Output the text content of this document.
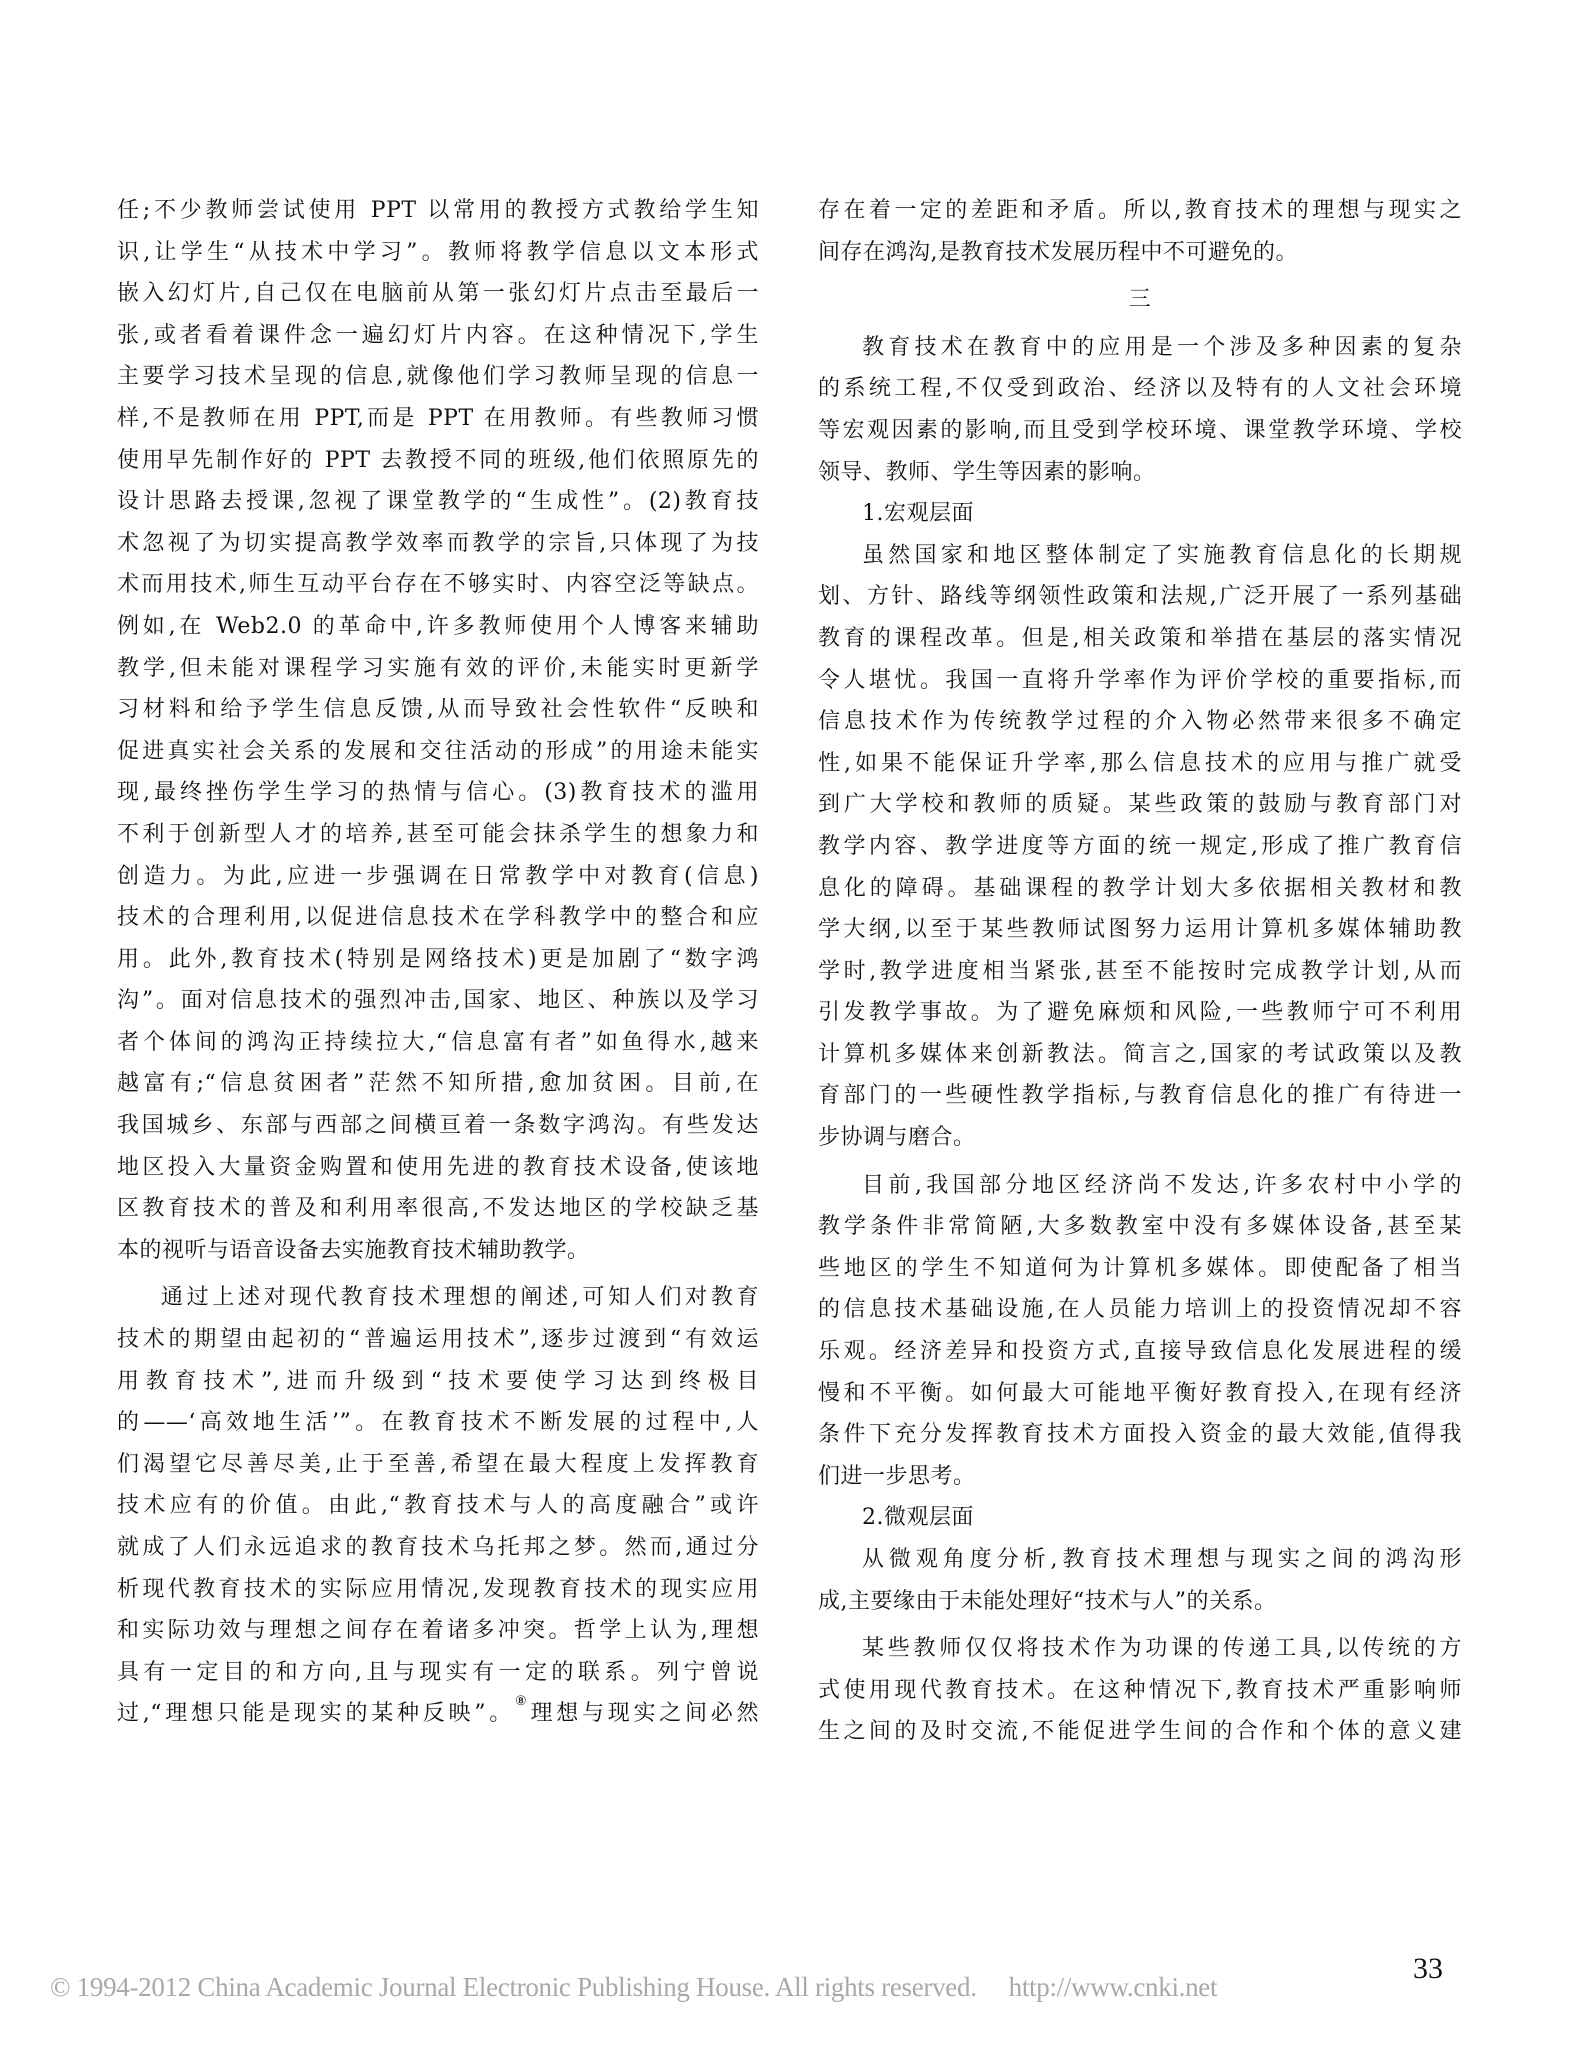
任;不少教师尝试使用 PPT 以常用的教授方式教给学生知
识,让学生“从技术中学习”。教师将教学信息以文本形式
嵌入幻灯片,自己仅在电脑前从第一张幻灯片点击至最后一
张,或者看着课件念一遍幻灯片内容。在这种情况下,学生
主要学习技术呈现的信息,就像他们学习教师呈现的信息一
样,不是教师在用 PPT,而是 PPT 在用教师。有些教师习惯
使用早先制作好的 PPT 去教授不同的班级,他们依照原先的
设计思路去授课,忽视了课堂教学的“生成性”。(2)教育技
术忽视了为切实提高教学效率而教学的宗旨,只体现了为技
术而用技术,师生互动平台存在不够实时、内容空泛等缺点。
例如,在 Web2.0 的革命中,许多教师使用个人博客来辅助
教学,但未能对课程学习实施有效的评价,未能实时更新学
习材料和给予学生信息反馈,从而导致社会性软件“反映和
促进真实社会关系的发展和交往活动的形成”的用途未能实
现,最终挫伤学生学习的热情与信心。(3)教育技术的滥用
不利于创新型人才的培养,甚至可能会抹杀学生的想象力和
创造力。为此,应进一步强调在日常教学中对教育(信息)
技术的合理利用,以促进信息技术在学科教学中的整合和应
用。此外,教育技术(特别是网络技术)更是加剧了“数字鸿
沟”。面对信息技术的强烈冲击,国家、地区、种族以及学习
者个体间的鸿沟正持续拉大,“信息富有者”如鱼得水,越来
越富有;“信息贫困者”茫然不知所措,愈加贫困。目前,在
我国城乡、东部与西部之间横亘着一条数字鸿沟。有些发达
地区投入大量资金购置和使用先进的教育技术设备,使该地
区教育技术的普及和利用率很高,不发达地区的学校缺乏基
本的视听与语音设备去实施教育技术辅助教学。
通过上述对现代教育技术理想的阐述,可知人们对教育
技术的期望由起初的“普遍运用技术”,逐步过渡到“有效运
用教育技术”,进而升级到“技术要使学习达到终极目
的——‘高效地生活’”。在教育技术不断发展的过程中,人
们渴望它尽善尽美,止于至善,希望在最大程度上发挥教育
技术应有的价值。由此,“教育技术与人的高度融合”或许
就成了人们永远追求的教育技术乌托邦之梦。然而,通过分
析现代教育技术的实际应用情况,发现教育技术的现实应用
和实际功效与理想之间存在着诸多冲突。哲学上认为,理想
具有一定目的和方向,且与现实有一定的联系。列宁曾说
过,“理想只能是现实的某种反映”。⑧理想与现实之间必然
存在着一定的差距和矛盾。所以,教育技术的理想与现实之
间存在鸿沟,是教育技术发展历程中不可避免的。
三
教育技术在教育中的应用是一个涉及多种因素的复杂
的系统工程,不仅受到政治、经济以及特有的人文社会环境
等宏观因素的影响,而且受到学校环境、课堂教学环境、学校
领导、教师、学生等因素的影响。
1.宏观层面
虽然国家和地区整体制定了实施教育信息化的长期规
划、方针、路线等纲领性政策和法规,广泛开展了一系列基础
教育的课程改革。但是,相关政策和举措在基层的落实情况
令人堪忧。我国一直将升学率作为评价学校的重要指标,而
信息技术作为传统教学过程的介入物必然带来很多不确定
性,如果不能保证升学率,那么信息技术的应用与推广就受
到广大学校和教师的质疑。某些政策的鼓励与教育部门对
教学内容、教学进度等方面的统一规定,形成了推广教育信
息化的障碍。基础课程的教学计划大多依据相关教材和教
学大纲,以至于某些教师试图努力运用计算机多媒体辅助教
学时,教学进度相当紧张,甚至不能按时完成教学计划,从而
引发教学事故。为了避免麻烦和风险,一些教师宁可不利用
计算机多媒体来创新教法。简言之,国家的考试政策以及教
育部门的一些硬性教学指标,与教育信息化的推广有待进一
步协调与磨合。
目前,我国部分地区经济尚不发达,许多农村中小学的
教学条件非常简陋,大多数教室中没有多媒体设备,甚至某
些地区的学生不知道何为计算机多媒体。即使配备了相当
的信息技术基础设施,在人员能力培训上的投资情况却不容
乐观。经济差异和投资方式,直接导致信息化发展进程的缓
慢和不平衡。如何最大可能地平衡好教育投入,在现有经济
条件下充分发挥教育技术方面投入资金的最大效能,值得我
们进一步思考。
2.微观层面
从微观角度分析,教育技术理想与现实之间的鸿沟形
成,主要缘由于未能处理好“技术与人”的关系。
某些教师仅仅将技术作为功课的传递工具,以传统的方
式使用现代教育技术。在这种情况下,教育技术严重影响师
生之间的及时交流,不能促进学生间的合作和个体的意义建
33
© 1994-2012 China Academic Journal Electronic Publishing House. All rights reserved. http://www.cnki.net
